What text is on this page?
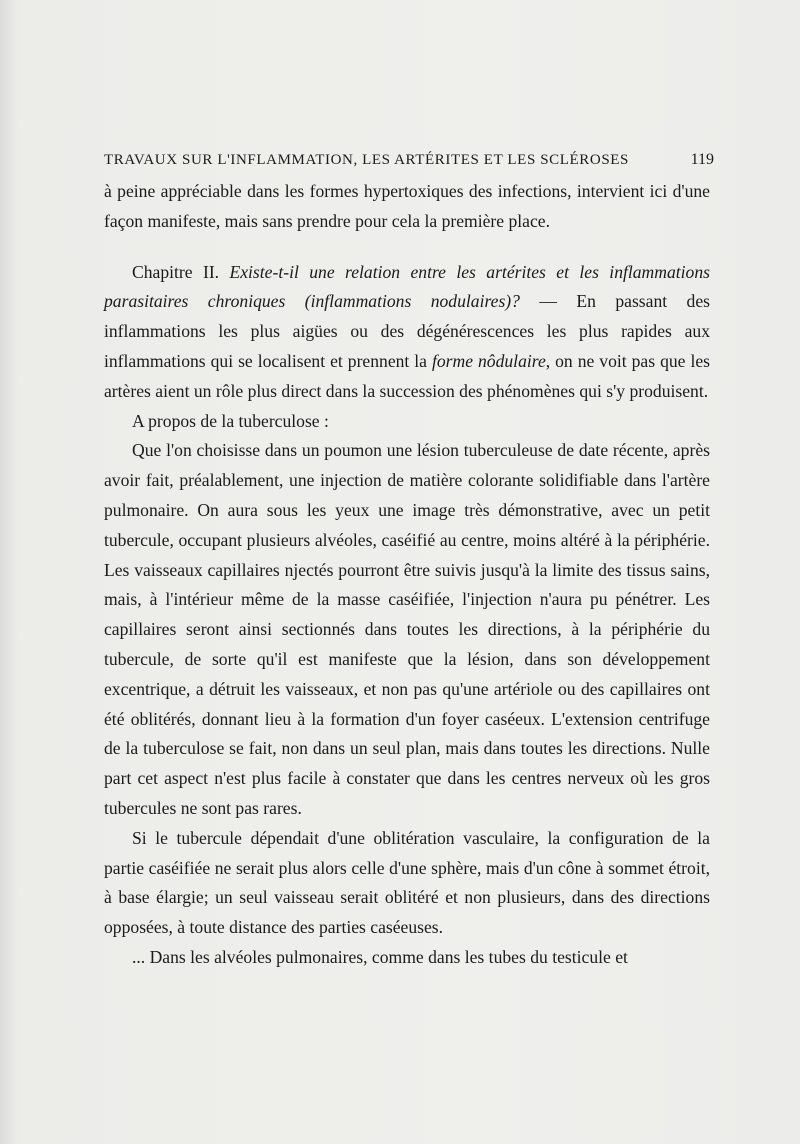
TRAVAUX SUR L'INFLAMMATION, LES ARTÉRITES ET LES SCLÉROSES	119

à peine appréciable dans les formes hypertoxiques des infections, intervient ici d'une façon manifeste, mais sans prendre pour cela la première place.

Chapitre II. Existe-t-il une relation entre les artérites et les inflammations parasitaires chroniques (inflammations nodulaires)? — En passant des inflammations les plus aigües ou des dégénérescences les plus rapides aux inflammations qui se localisent et prennent la forme nôdulaire, on ne voit pas que les artères aient un rôle plus direct dans la succession des phénomènes qui s'y produisent.

A propos de la tuberculose :

Que l'on choisisse dans un poumon une lésion tuberculeuse de date récente, après avoir fait, préalablement, une injection de matière colorante solidifiable dans l'artère pulmonaire. On aura sous les yeux une image très démonstrative, avec un petit tubercule, occupant plusieurs alvéoles, caséifié au centre, moins altéré à la périphérie. Les vaisseaux capillaires njectés pourront être suivis jusqu'à la limite des tissus sains, mais, à l'intérieur même de la masse caséifiée, l'injection n'aura pu pénétrer. Les capillaires seront ainsi sectionnés dans toutes les directions, à la périphérie du tubercule, de sorte qu'il est manifeste que la lésion, dans son développement excentrique, a détruit les vaisseaux, et non pas qu'une artériole ou des capillaires ont été oblitérés, donnant lieu à la formation d'un foyer caséeux. L'extension centrifuge de la tuberculose se fait, non dans un seul plan, mais dans toutes les directions. Nulle part cet aspect n'est plus facile à constater que dans les centres nerveux où les gros tubercules ne sont pas rares.

Si le tubercule dépendait d'une oblitération vasculaire, la configuration de la partie caséifiée ne serait plus alors celle d'une sphère, mais d'un cône à sommet étroit, à base élargie; un seul vaisseau serait oblitéré et non plusieurs, dans des directions opposées, à toute distance des parties caséeuses.

... Dans les alvéoles pulmonaires, comme dans les tubes du testicule et
